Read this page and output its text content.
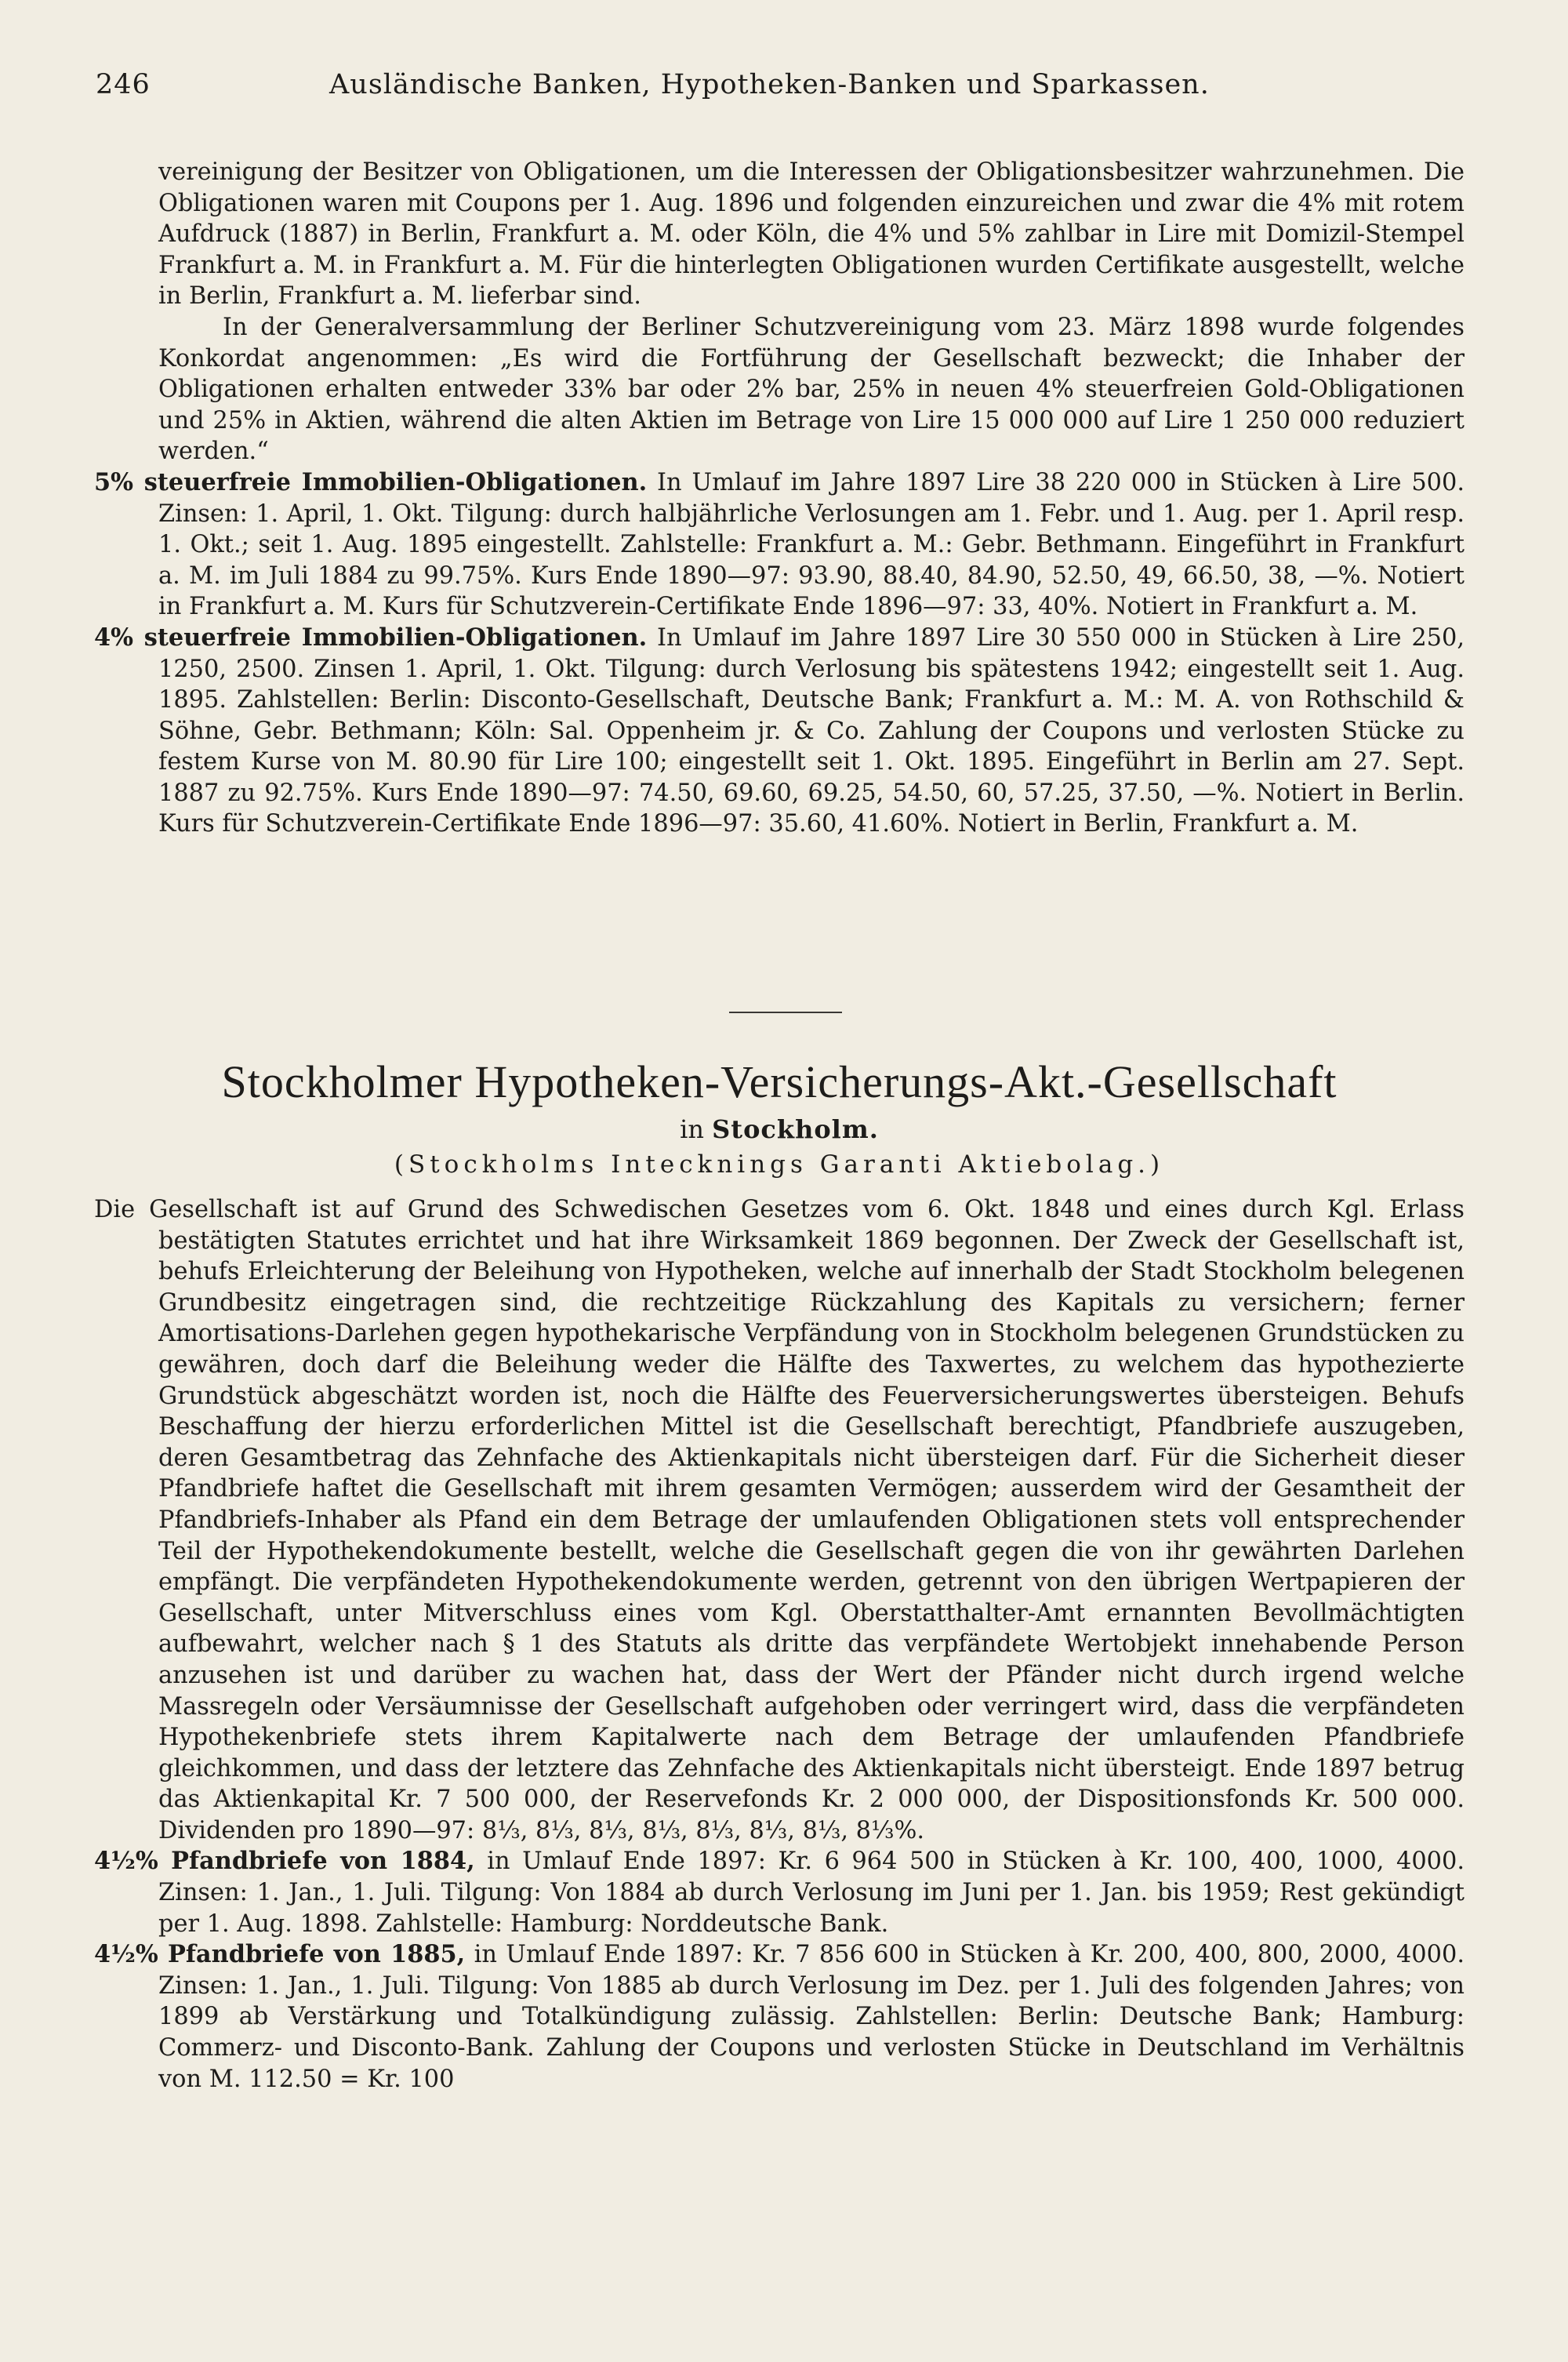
246	Ausländische Banken, Hypotheken-Banken und Sparkassen.

vereinigung der Besitzer von Obligationen, um die Interessen der Obligationsbesitzer wahrzunehmen. Die Obligationen waren mit Coupons per 1. Aug. 1896 und folgenden einzureichen und zwar die 4% mit rotem Aufdruck (1887) in Berlin, Frankfurt a. M. oder Köln, die 4% und 5% zahlbar in Lire mit Domizil-Stempel Frankfurt a. M. in Frankfurt a. M. Für die hinterlegten Obligationen wurden Certifikate ausgestellt, welche in Berlin, Frankfurt a. M. lieferbar sind.

In der Generalversammlung der Berliner Schutzvereinigung vom 23. März 1898 wurde folgendes Konkordat angenommen: „Es wird die Fortführung der Gesellschaft bezweckt; die Inhaber der Obligationen erhalten entweder 33% bar oder 2% bar, 25% in neuen 4% steuerfreien Gold-Obligationen und 25% in Aktien, während die alten Aktien im Betrage von Lire 15 000 000 auf Lire 1 250 000 reduziert werden.“

5% steuerfreie Immobilien-Obligationen. In Umlauf im Jahre 1897 Lire 38 220 000 in Stücken à Lire 500. Zinsen: 1. April, 1. Okt. Tilgung: durch halbjährliche Verlosungen am 1. Febr. und 1. Aug. per 1. April resp. 1. Okt.; seit 1. Aug. 1895 eingestellt. Zahlstelle: Frankfurt a. M.: Gebr. Bethmann. Eingeführt in Frankfurt a. M. im Juli 1884 zu 99.75%. Kurs Ende 1890—97: 93.90, 88.40, 84.90, 52.50, 49, 66.50, 38, —%. Notiert in Frankfurt a. M. Kurs für Schutzverein-Certifikate Ende 1896—97: 33, 40%. Notiert in Frankfurt a. M.

4% steuerfreie Immobilien-Obligationen. In Umlauf im Jahre 1897 Lire 30 550 000 in Stücken à Lire 250, 1250, 2500. Zinsen 1. April, 1. Okt. Tilgung: durch Verlosung bis spätestens 1942; eingestellt seit 1. Aug. 1895. Zahlstellen: Berlin: Disconto-Gesellschaft, Deutsche Bank; Frankfurt a. M.: M. A. von Rothschild & Söhne, Gebr. Bethmann; Köln: Sal. Oppenheim jr. & Co. Zahlung der Coupons und verlosten Stücke zu festem Kurse von M. 80.90 für Lire 100; eingestellt seit 1. Okt. 1895. Eingeführt in Berlin am 27. Sept. 1887 zu 92.75%. Kurs Ende 1890—97: 74.50, 69.60, 69.25, 54.50, 60, 57.25, 37.50, —%. Notiert in Berlin. Kurs für Schutzverein-Certifikate Ende 1896—97: 35.60, 41.60%. Notiert in Berlin, Frankfurt a. M.

Stockholmer Hypotheken-Versicherungs-Akt.-Gesellschaft
in Stockholm.
(Stockholms Intecknings Garanti Aktiebolag.)

Die Gesellschaft ist auf Grund des Schwedischen Gesetzes vom 6. Okt. 1848 und eines durch Kgl. Erlass bestätigten Statutes errichtet und hat ihre Wirksamkeit 1869 begonnen. Der Zweck der Gesellschaft ist, behufs Erleichterung der Beleihung von Hypotheken, welche auf innerhalb der Stadt Stockholm belegenen Grundbesitz eingetragen sind, die rechtzeitige Rückzahlung des Kapitals zu versichern; ferner Amortisations-Darlehen gegen hypothekarische Verpfändung von in Stockholm belegenen Grundstücken zu gewähren, doch darf die Beleihung weder die Hälfte des Taxwertes, zu welchem das hypothezierte Grundstück abgeschätzt worden ist, noch die Hälfte des Feuerversicherungswertes übersteigen. Behufs Beschaffung der hierzu erforderlichen Mittel ist die Gesellschaft berechtigt, Pfandbriefe auszugeben, deren Gesamtbetrag das Zehnfache des Aktienkapitals nicht übersteigen darf. Für die Sicherheit dieser Pfandbriefe haftet die Gesellschaft mit ihrem gesamten Vermögen; ausserdem wird der Gesamtheit der Pfandbriefs-Inhaber als Pfand ein dem Betrage der umlaufenden Obligationen stets voll entsprechender Teil der Hypothekendokumente bestellt, welche die Gesellschaft gegen die von ihr gewährten Darlehen empfängt. Die verpfändeten Hypothekendokumente werden, getrennt von den übrigen Wertpapieren der Gesellschaft, unter Mitverschluss eines vom Kgl. Oberstatthalter-Amt ernannten Bevollmächtigten aufbewahrt, welcher nach § 1 des Statuts als dritte das verpfändete Wertobjekt innehabende Person anzusehen ist und darüber zu wachen hat, dass der Wert der Pfänder nicht durch irgend welche Massregeln oder Versäumnisse der Gesellschaft aufgehoben oder verringert wird, dass die verpfändeten Hypothekenbriefe stets ihrem Kapitalwerte nach dem Betrage der umlaufenden Pfandbriefe gleichkommen, und dass der letztere das Zehnfache des Aktienkapitals nicht übersteigt. Ende 1897 betrug das Aktienkapital Kr. 7 500 000, der Reservefonds Kr. 2 000 000, der Dispositionsfonds Kr. 500 000. Dividenden pro 1890—97: 8⅓, 8⅓, 8⅓, 8⅓, 8⅓, 8⅓, 8⅓, 8⅓%.

4½% Pfandbriefe von 1884, in Umlauf Ende 1897: Kr. 6 964 500 in Stücken à Kr. 100, 400, 1000, 4000. Zinsen: 1. Jan., 1. Juli. Tilgung: Von 1884 ab durch Verlosung im Juni per 1. Jan. bis 1959; Rest gekündigt per 1. Aug. 1898. Zahlstelle: Hamburg: Norddeutsche Bank.

4½% Pfandbriefe von 1885, in Umlauf Ende 1897: Kr. 7 856 600 in Stücken à Kr. 200, 400, 800, 2000, 4000. Zinsen: 1. Jan., 1. Juli. Tilgung: Von 1885 ab durch Verlosung im Dez. per 1. Juli des folgenden Jahres; von 1899 ab Verstärkung und Totalkündigung zulässig. Zahlstellen: Berlin: Deutsche Bank; Hamburg: Commerz- und Disconto-Bank. Zahlung der Coupons und verlosten Stücke in Deutschland im Verhältnis von M. 112.50 = Kr. 100
